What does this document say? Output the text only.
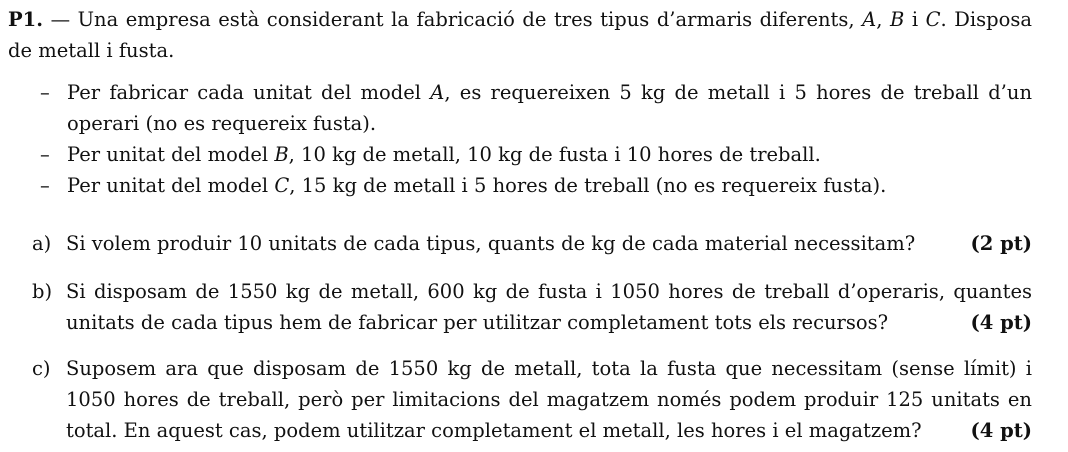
P1. — Una empresa està considerant la fabricació de tres tipus d’armaris diferents, A, B i C. Disposa de metall i fusta.
– Per fabricar cada unitat del model A, es requereixen 5 kg de metall i 5 hores de treball d’un operari (no es requereix fusta).
– Per unitat del model B, 10 kg de metall, 10 kg de fusta i 10 hores de treball.
– Per unitat del model C, 15 kg de metall i 5 hores de treball (no es requereix fusta).
a)	(2 pt)
Si volem produir 10 unitats de cada tipus, quants de kg de cada material necessitam?
b) Si disposam de 1550 kg de metall, 600 kg de fusta i 1050 hores de treball d’operaris, quantes unitats de cada tipus hem de fabricar per utilitzar completament tots els recursos?	(4 pt)
c) Suposem ara que disposam de 1550 kg de metall, tota la fusta que necessitam (sense límit) i 1050 hores de treball, però per limitacions del magatzem només podem produir 125 unitats en total. En aquest cas, podem utilitzar completament el metall, les hores i el magatzem?	(4 pt)
